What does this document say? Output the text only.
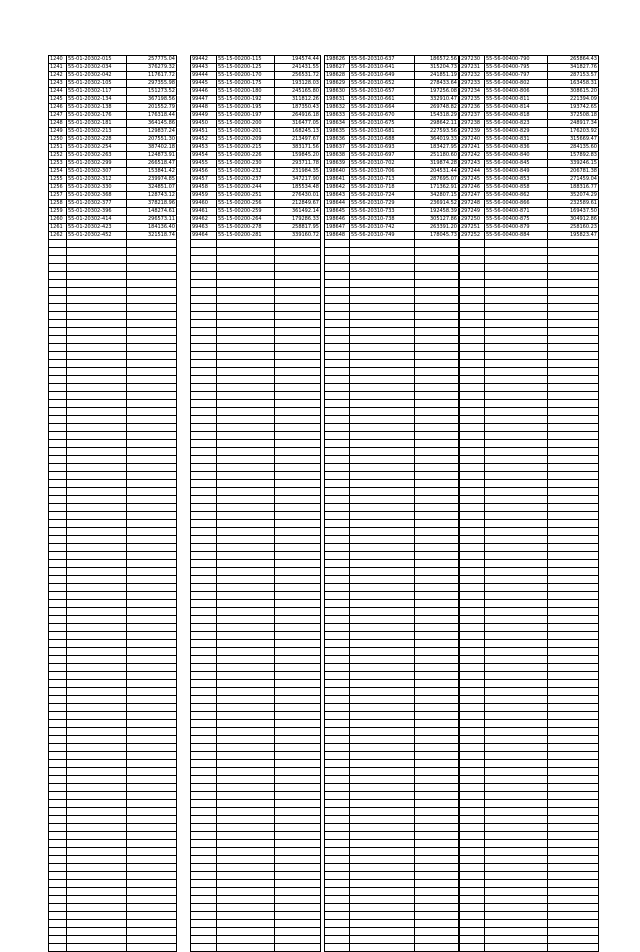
1240	55-01-20302-015	257775.04
1241	55-01-20302-034	376279.32
1242	55-01-20302-042	117617.72
1243	55-01-20302-105	297355.98
1244	55-01-20302-117	151273.52
1245	55-01-20302-134	367198.56
1246	55-01-20302-138	201552.79
1247	55-01-20302-176	176318.44
1248	55-01-20302-181	364145.86
1249	55-01-20302-213	129837.24
1250	55-01-20302-228	207551.30
1251	55-01-20302-254	387402.18
1252	55-01-20302-263	124873.91
1253	55-01-20302-299	266518.47
1254	55-01-20302-307	153841.42
1255	55-01-20302-312	239974.85
1256	55-01-20302-330	324851.07
1257	55-01-20302-368	128743.12
1258	55-01-20302-377	378218.96
1259	55-01-20302-396	148274.61
1260	55-01-20302-414	296573.11
1261	55-01-20302-423	184136.40
1262	55-01-20302-452	321518.74

99442	55-15-00200-115	194574.44
99443	55-15-00200-125	241431.55
99444	55-15-00200-170	256531.72
99445	55-15-00200-175	193128.03
99446	55-15-00200-180	245165.80
99447	55-15-00200-192	311812.26
99448	55-15-00200-195	187350.43
99449	55-15-00200-197	264916.18
99450	55-15-00200-200	316477.05
99451	55-15-00200-201	168245.13
99452	55-15-00200-209	213497.67
99453	55-15-00200-215	383171.56
99454	55-15-00200-226	159845.20
99455	55-15-00200-230	293711.78
99456	55-15-00200-232	231984.35
99457	55-15-00200-237	347217.90
99458	55-15-00200-244	185534.48
99459	55-15-00200-251	276430.01
99460	55-15-00200-256	212849.67
99461	55-15-00200-259	361492.14
99462	55-15-00200-264	179286.33
99463	55-15-00200-278	258817.95
99464	55-15-00200-281	339160.72

198626	55-56-20310-637	186572.56
198627	55-56-20310-641	315204.73
198628	55-56-20310-649	241851.19
198629	55-56-20310-652	278433.64
198630	55-56-20310-657	197256.08
198631	55-56-20310-661	332910.47
198632	55-56-20310-664	269748.82
198633	55-56-20310-670	154318.29
198634	55-56-20310-675	298642.11
198635	55-56-20310-681	227593.56
198636	55-56-20310-688	364019.33
198637	55-56-20310-693	183427.95
198638	55-56-20310-697	251180.60
198639	55-56-20310-702	319874.28
198640	55-56-20310-706	204531.44
198641	55-56-20310-713	287695.07
198642	55-56-20310-718	171362.91
198643	55-56-20310-724	342807.15
198644	55-56-20310-729	236914.52
198645	55-56-20310-733	192458.39
198646	55-56-20310-738	305127.86
198647	55-56-20310-742	263391.20
198648	55-56-20310-749	178045.73

297230	55-56-00400-790	265864.43
297231	55-56-00400-795	341827.76
297232	55-56-00400-797	287153.57
297233	55-56-00400-802	163458.31
297234	55-56-00400-806	308615.20
297235	55-56-00400-811	221394.09
297236	55-56-00400-814	193742.65
297237	55-56-00400-818	372508.18
297238	55-56-00400-823	248917.34
297239	55-56-00400-829	176203.92
297240	55-56-00400-831	315669.47
297241	55-56-00400-836	284135.60
297242	55-56-00400-840	157892.83
297243	55-56-00400-845	339246.15
297244	55-56-00400-849	206781.38
297245	55-56-00400-853	271459.04
297246	55-56-00400-858	188316.77
297247	55-56-00400-862	352074.29
297248	55-56-00400-866	232589.61
297249	55-56-00400-871	169437.50
297250	55-56-00400-875	304912.86
297251	55-56-00400-879	258160.23
297252	55-56-00400-884	195823.47
